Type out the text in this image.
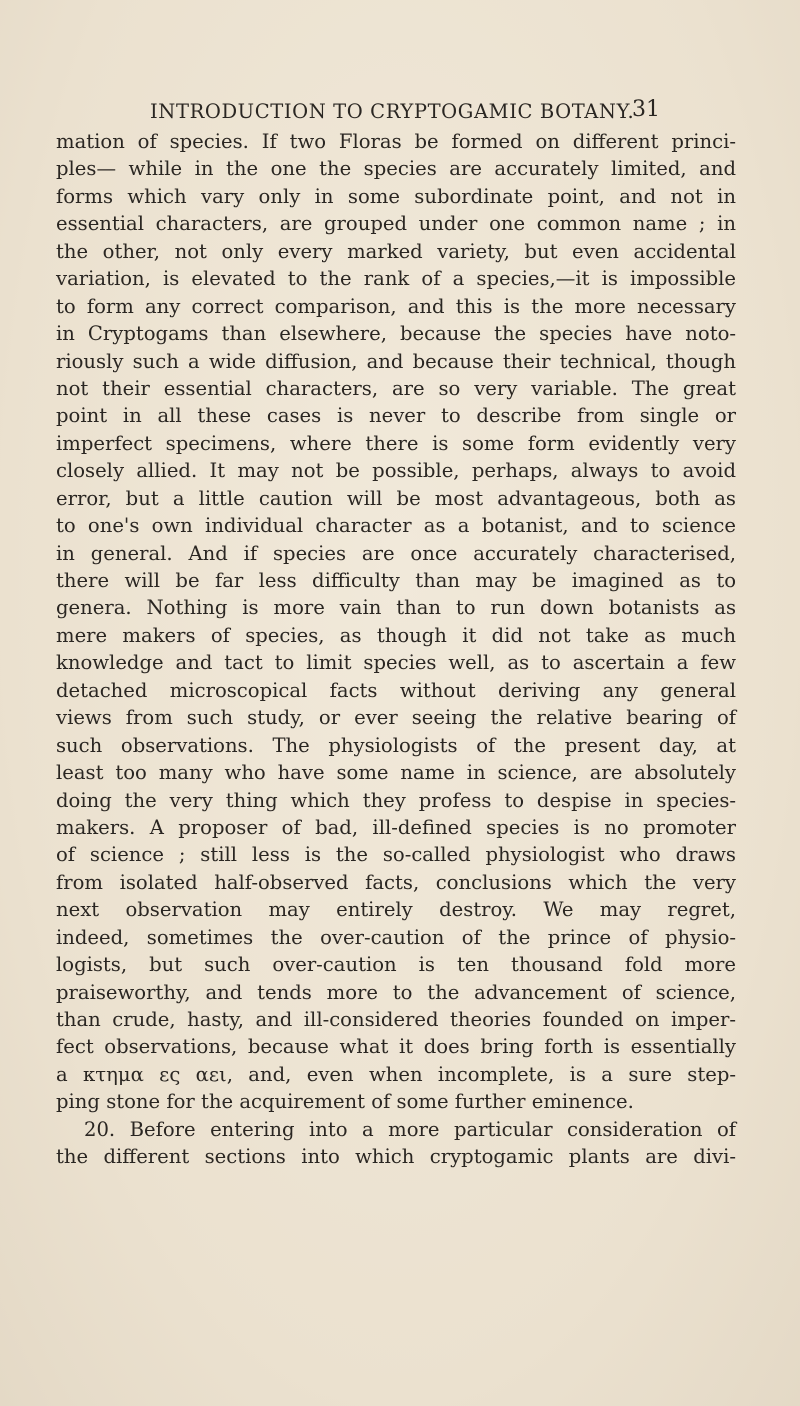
INTRODUCTION TO CRYPTOGAMIC BOTANY.
31
mation of species. If two Floras be formed on different princi-
ples— while in the one the species are accurately limited, and
forms which vary only in some subordinate point, and not in
essential characters, are grouped under one common name ; in
the other, not only every marked variety, but even accidental
variation, is elevated to the rank of a species,—it is impossible
to form any correct comparison, and this is the more necessary
in Cryptogams than elsewhere, because the species have noto-
riously such a wide diffusion, and because their technical, though
not their essential characters, are so very variable. The great
point in all these cases is never to describe from single or
imperfect specimens, where there is some form evidently very
closely allied. It may not be possible, perhaps, always to avoid
error, but a little caution will be most advantageous, both as
to one's own individual character as a botanist, and to science
in general. And if species are once accurately characterised,
there will be far less difficulty than may be imagined as to
genera. Nothing is more vain than to run down botanists as
mere makers of species, as though it did not take as much
knowledge and tact to limit species well, as to ascertain a few
detached microscopical facts without deriving any general
views from such study, or ever seeing the relative bearing of
such observations. The physiologists of the present day, at
least too many who have some name in science, are absolutely
doing the very thing which they profess to despise in species-
makers. A proposer of bad, ill-defined species is no promoter
of science ; still less is the so-called physiologist who draws
from isolated half-observed facts, conclusions which the very
next observation may entirely destroy. We may regret,
indeed, sometimes the over-caution of the prince of physio-
logists, but such over-caution is ten thousand fold more
praiseworthy, and tends more to the advancement of science,
than crude, hasty, and ill-considered theories founded on imper-
fect observations, because what it does bring forth is essentially
a κτημα ες αει, and, even when incomplete, is a sure step-
ping stone for the acquirement of some further eminence.
20. Before entering into a more particular consideration of
the different sections into which cryptogamic plants are divi-
